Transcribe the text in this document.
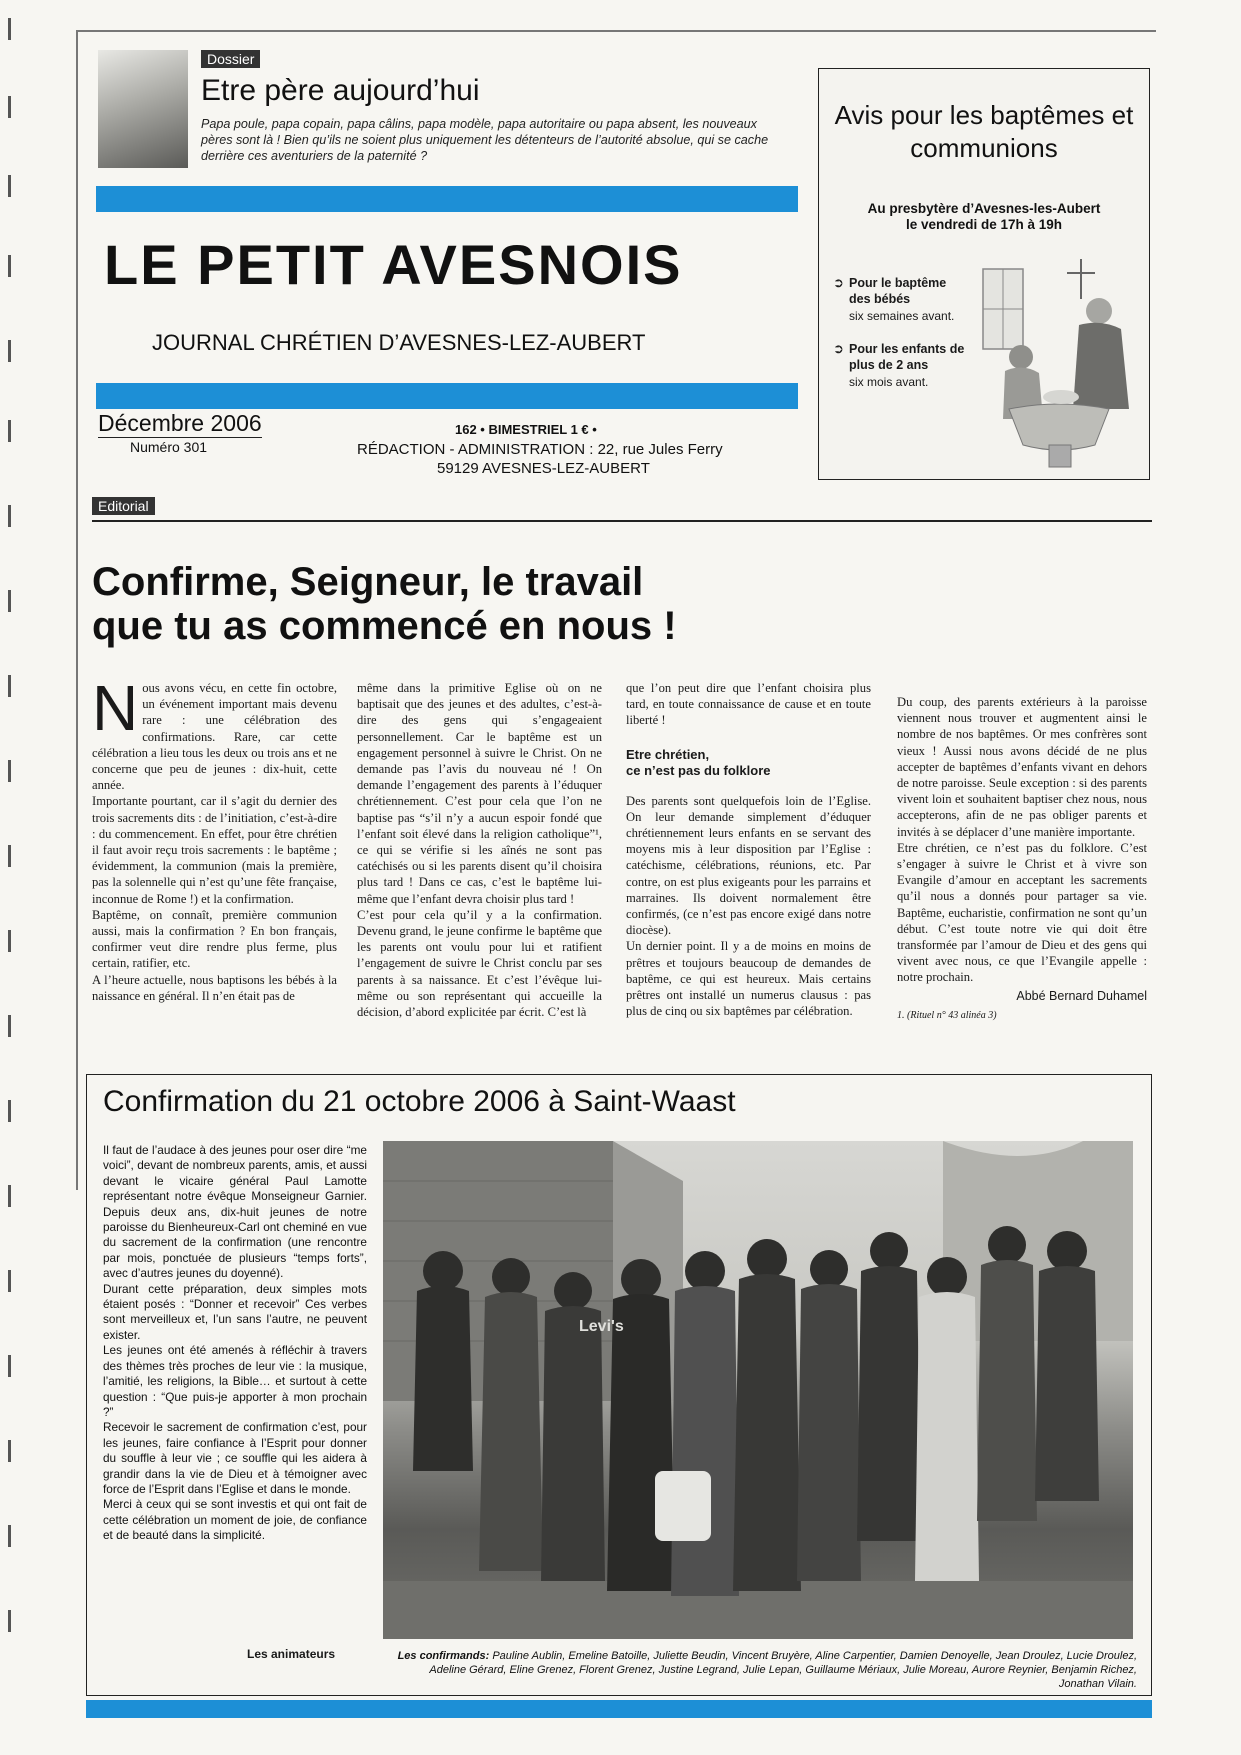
Dossier
Etre père aujourd’hui
Papa poule, papa copain, papa câlins, papa modèle, papa autoritaire ou papa absent, les nouveaux pères sont là ! Bien qu’ils ne soient plus uniquement les détenteurs de l’autorité absolue, qui se cache derrière ces aventuriers de la paternité ?
LE PETIT AVESNOIS
JOURNAL CHRÉTIEN D’AVESNES-LEZ-AUBERT
Décembre 2006
Numéro 301
162 • BIMESTRIEL 1 € •
RÉDACTION - ADMINISTRATION : 22, rue Jules Ferry
59129 AVESNES-LEZ-AUBERT
Avis pour les baptêmes et communions
Au presbytère d’Avesnes-les-Aubert
le vendredi de 17h à 19h
➲ Pour le baptême des bébés
six semaines avant.
➲ Pour les enfants de plus de 2 ans
six mois avant.
Editorial
Confirme, Seigneur, le travail
que tu as commencé en nous !
N ous avons vécu, en cette fin octobre, un événement important mais devenu rare : une célébration des confirmations. Rare, car cette célébration a lieu tous les deux ou trois ans et ne concerne que peu de jeunes : dix-huit, cette année.

Importante pourtant, car il s’agit du dernier des trois sacrements dits : de l’initiation, c’est-à-dire : du commencement. En effet, pour être chrétien il faut avoir reçu trois sacrements : le baptême ; évidemment, la communion (mais la première, pas la solennelle qui n’est qu’une fête française, inconnue de Rome !) et la confirmation.

Baptême, on connaît, première communion aussi, mais la confirmation ? En bon français, confirmer veut dire rendre plus ferme, plus certain, ratifier, etc.

A l’heure actuelle, nous baptisons les bébés à la naissance en général. Il n’en était pas de

même dans la primitive Eglise où on ne baptisait que des jeunes et des adultes, c’est-à-dire des gens qui s’engageaient personnellement. Car le baptême est un engagement personnel à suivre le Christ. On ne demande pas l’avis du nouveau né ! On demande l’engagement des parents à l’éduquer chrétiennement. C’est pour cela que l’on ne baptise pas “s’il n’y a aucun espoir fondé que l’enfant soit élevé dans la religion catholique”¹, ce qui se vérifie si les aînés ne sont pas catéchisés ou si les parents disent qu’il choisira plus tard ! Dans ce cas, c’est le baptême lui-même que l’enfant devra choisir plus tard !

C’est pour cela qu’il y a la confirmation. Devenu grand, le jeune confirme le baptême que les parents ont voulu pour lui et ratifient l’engagement de suivre le Christ conclu par ses parents à sa naissance. Et c’est l’évêque lui-même ou son représentant qui accueille la décision, d’abord explicitée par écrit. C’est là

que l’on peut dire que l’enfant choisira plus tard, en toute connaissance de cause et en toute liberté !

Etre chrétien,
ce n’est pas du folklore

Des parents sont quelquefois loin de l’Eglise. On leur demande simplement d’éduquer chrétiennement leurs enfants en se servant des moyens mis à leur disposition par l’Eglise : catéchisme, célébrations, réunions, etc. Par contre, on est plus exigeants pour les parrains et marraines. Ils doivent normalement être confirmés, (ce n’est pas encore exigé dans notre diocèse).

Un dernier point. Il y a de moins en moins de prêtres et toujours beaucoup de demandes de baptême, ce qui est heureux. Mais certains prêtres ont installé un numerus clausus : pas plus de cinq ou six baptêmes par célébration.

Du coup, des parents extérieurs à la paroisse viennent nous trouver et augmentent ainsi le nombre de nos baptêmes. Or mes confrères sont vieux ! Aussi nous avons décidé de ne plus accepter de baptêmes d’enfants vivant en dehors de notre paroisse. Seule exception : si des parents vivent loin et souhaitent baptiser chez nous, nous accepterons, afin de ne pas obliger parents et invités à se déplacer d’une manière importante.

Etre chrétien, ce n’est pas du folklore. C’est s’engager à suivre le Christ et à vivre son Evangile d’amour en acceptant les sacrements qu’il nous a donnés pour partager sa vie. Baptême, eucharistie, confirmation ne sont qu’un début. C’est toute notre vie qui doit être transformée par l’amour de Dieu et des gens qui vivent avec nous, ce que l’Evangile appelle : notre prochain.

Abbé Bernard Duhamel
1. (Rituel n° 43 alinéa 3)
Confirmation du 21 octobre 2006 à Saint-Waast

Il faut de l’audace à des jeunes pour oser dire “me voici”, devant de nombreux parents, amis, et aussi devant le vicaire général Paul Lamotte représentant notre évêque Monseigneur Garnier. Depuis deux ans, dix-huit jeunes de notre paroisse du Bienheureux-Carl ont cheminé en vue du sacrement de la confirmation (une rencontre par mois, ponctuée de plusieurs “temps forts”, avec d’autres jeunes du doyenné).

Durant cette préparation, deux simples mots étaient posés : “Donner et recevoir” Ces verbes sont merveilleux et, l’un sans l’autre, ne peuvent exister.

Les jeunes ont été amenés à réfléchir à travers des thèmes très proches de leur vie : la musique, l’amitié, les religions, la Bible… et surtout à cette question : “Que puis-je apporter à mon prochain ?”

Recevoir le sacrement de confirmation c’est, pour les jeunes, faire confiance à l’Esprit pour donner du souffle à leur vie ; ce souffle qui les aidera à grandir dans la vie de Dieu et à témoigner avec force de l’Esprit dans l’Eglise et dans le monde.

Merci à ceux qui se sont investis et qui ont fait de cette célébration un moment de joie, de confiance et de beauté dans la simplicité.

Les animateurs
Levi's
Les confirmands: Pauline Aublin, Emeline Batoille, Juliette Beudin, Vincent Bruyère, Aline Carpentier, Damien Denoyelle, Jean Droulez, Lucie Droulez, Adeline Gérard, Eline Grenez, Florent Grenez, Justine Legrand, Julie Lepan, Guillaume Mériaux, Julie Moreau, Aurore Reynier, Benjamin Richez, Jonathan Vilain.
